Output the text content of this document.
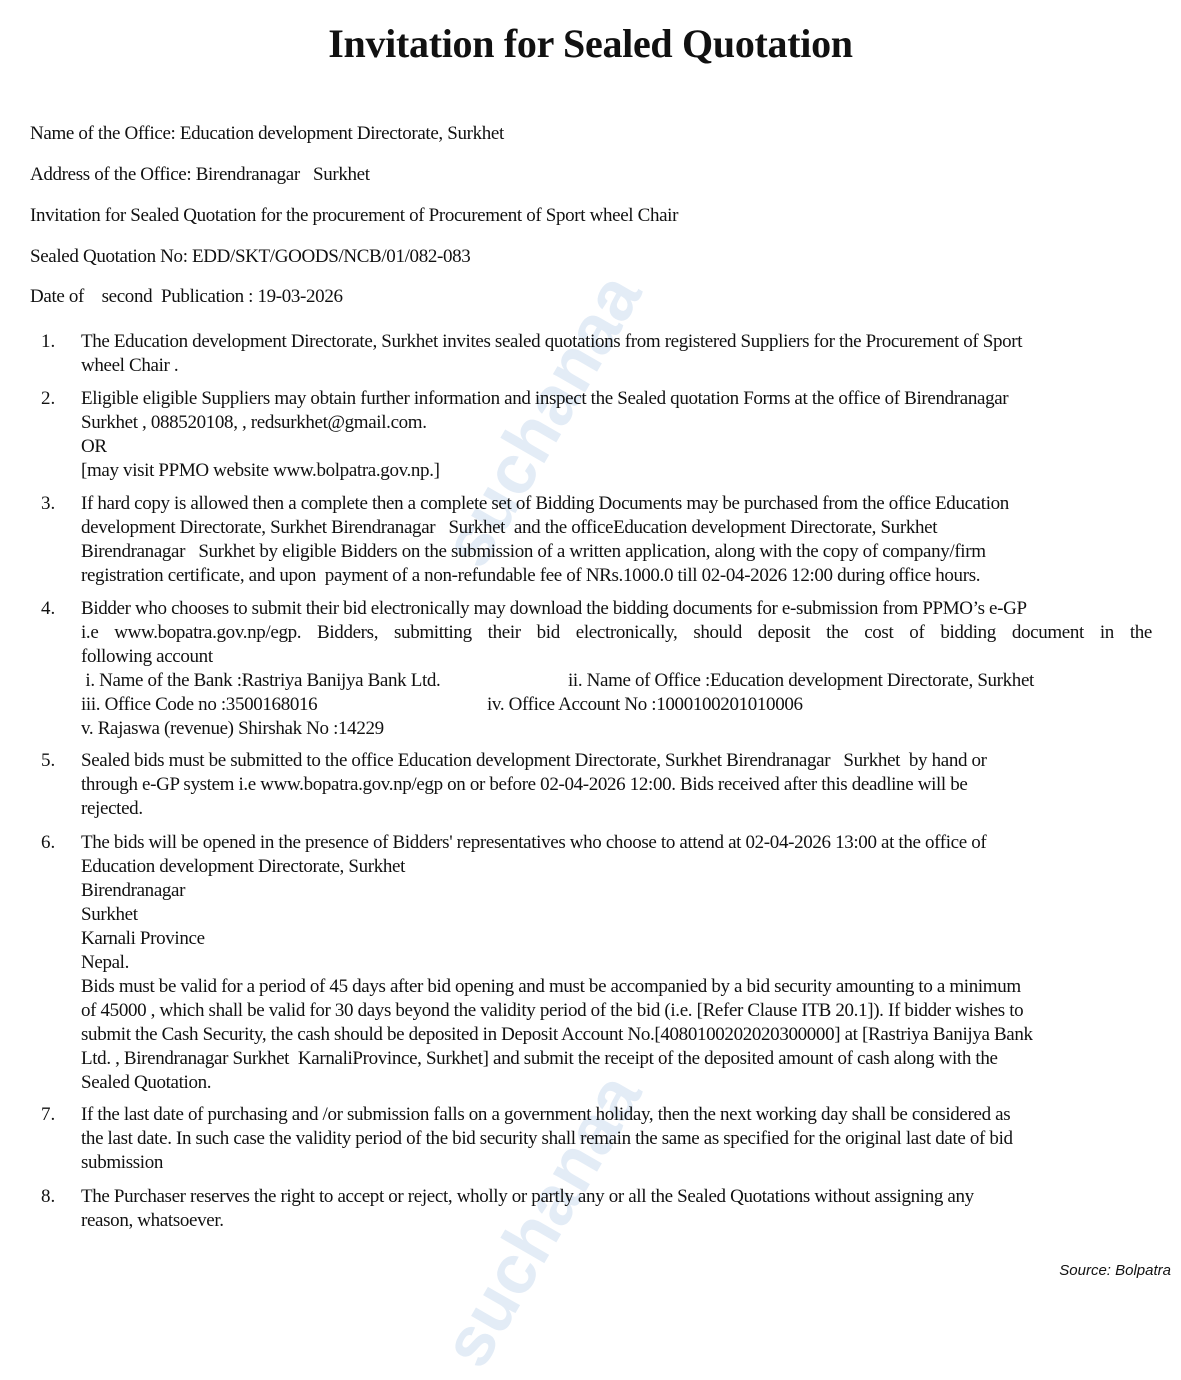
suchanaa
suchanaa
Invitation for Sealed Quotation
Name of the Office: Education development Directorate, Surkhet
Address of the Office: Birendranagar   Surkhet
Invitation for Sealed Quotation for the procurement of Procurement of Sport wheel Chair
Sealed Quotation No: EDD/SKT/GOODS/NCB/01/082-083
Date of    second  Publication : 19-03-2026
1. The Education development Directorate, Surkhet invites sealed quotations from registered Suppliers for the Procurement of Sport
wheel Chair .
2. Eligible eligible Suppliers may obtain further information and inspect the Sealed quotation Forms at the office of Birendranagar
Surkhet , 088520108, , redsurkhet@gmail.com.
OR
[may visit PPMO website www.bolpatra.gov.np.]
3. If hard copy is allowed then a complete then a complete set of Bidding Documents may be purchased from the office Education
development Directorate, Surkhet Birendranagar   Surkhet  and the officeEducation development Directorate, Surkhet
Birendranagar   Surkhet by eligible Bidders on the submission of a written application, along with the copy of company/firm
registration certificate, and upon  payment of a non-refundable fee of NRs.1000.0 till 02-04-2026 12:00 during office hours.
4. Bidder who chooses to submit their bid electronically may download the bidding documents for e-submission from PPMO’s e-GP
i.e www.bopatra.gov.np/egp. Bidders, submitting their bid electronically, should deposit the cost of bidding document in the
following account
i. Name of the Bank :Rastriya Banijya Bank Ltd.	ii. Name of Office :Education development Directorate, Surkhet
iii. Office Code no :3500168016	iv. Office Account No :1000100201010006
v. Rajaswa (revenue) Shirshak No :14229
5. Sealed bids must be submitted to the office Education development Directorate, Surkhet Birendranagar   Surkhet  by hand or
through e-GP system i.e www.bopatra.gov.np/egp on or before 02-04-2026 12:00. Bids received after this deadline will be
rejected.
6. The bids will be opened in the presence of Bidders' representatives who choose to attend at 02-04-2026 13:00 at the office of
Education development Directorate, Surkhet
Birendranagar
Surkhet
Karnali Province
Nepal.
Bids must be valid for a period of 45 days after bid opening and must be accompanied by a bid security amounting to a minimum
of 45000 , which shall be valid for 30 days beyond the validity period of the bid (i.e. [Refer Clause ITB 20.1]). If bidder wishes to
submit the Cash Security, the cash should be deposited in Deposit Account No.[4080100202020300000] at [Rastriya Banijya Bank
Ltd. , Birendranagar Surkhet  KarnaliProvince, Surkhet] and submit the receipt of the deposited amount of cash along with the
Sealed Quotation.
7. If the last date of purchasing and /or submission falls on a government holiday, then the next working day shall be considered as
the last date. In such case the validity period of the bid security shall remain the same as specified for the original last date of bid
submission
8. The Purchaser reserves the right to accept or reject, wholly or partly any or all the Sealed Quotations without assigning any
reason, whatsoever.
Source: Bolpatra
